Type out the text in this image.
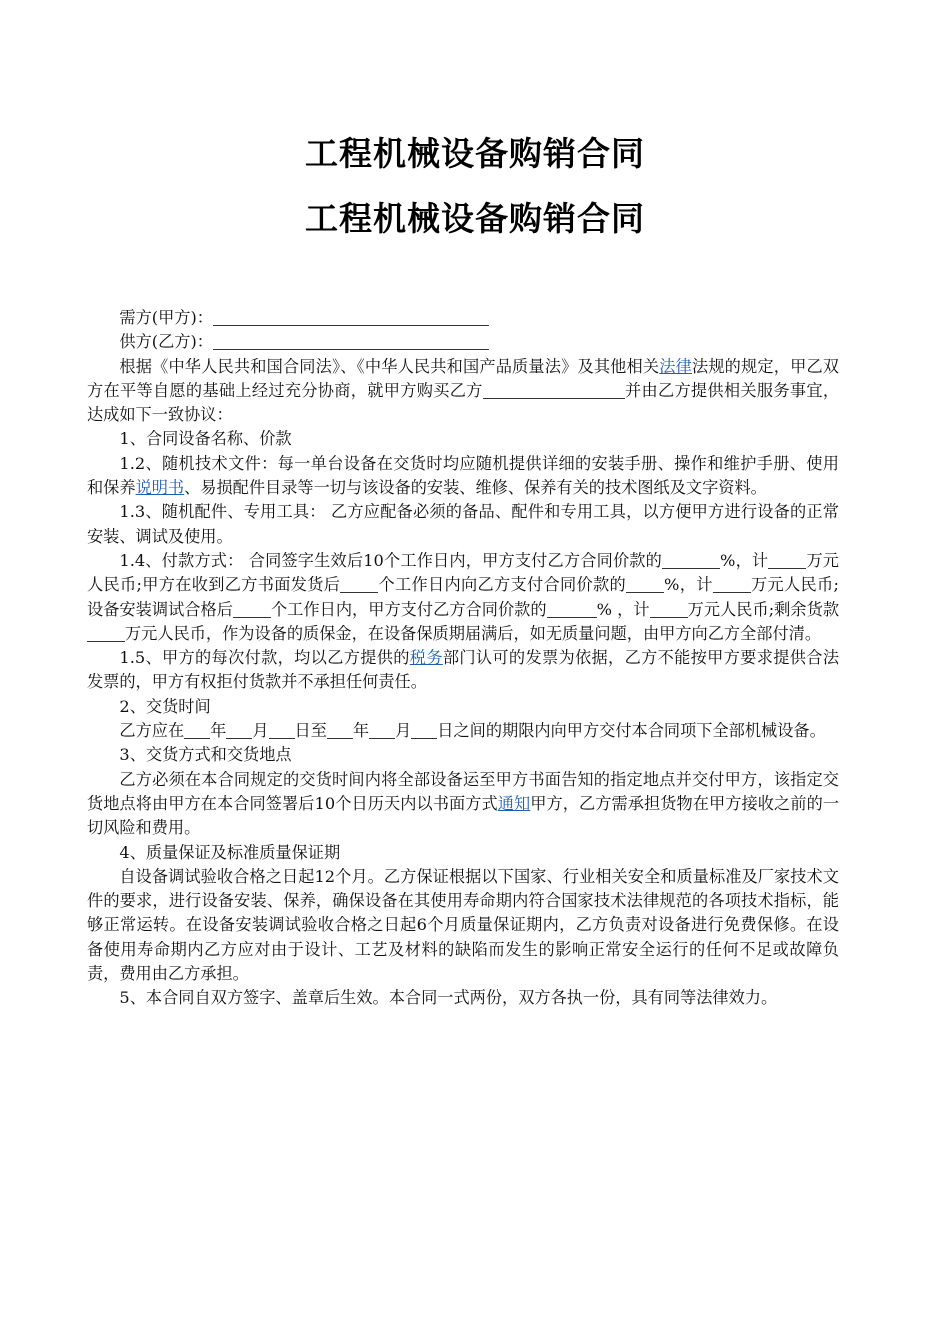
工程机械设备购销合同
工程机械设备购销合同

需方(甲方)：

供方(乙方)：

根据《中华人民共和国合同法》、《中华人民共和国产品质量法》及其他相关法律法规的规定，甲乙双方在平等自愿的基础上经过充分协商，就甲方购买乙方	并由乙方提供相关服务事宜，达成如下一致协议：

1、合同设备名称、价款

1.2、随机技术文件：每一单台设备在交货时均应随机提供详细的安装手册、操作和维护手册、使用和保养说明书、易损配件目录等一切与该设备的安装、维修、保养有关的技术图纸及文字资料。

1.3、随机配件、专用工具： 乙方应配备必须的备品、配件和专用工具，以方便甲方进行设备的正常安装、调试及使用。

1.4、付款方式： 合同签字生效后10个工作日内，甲方支付乙方合同价款的	%，计 万元人民币;甲方在收到乙方书面发货后 个工作日内向乙方支付合同价款的 %，计 万元人民币;设备安装调试合格后 个工作日内，甲方支付乙方合同价款的	% ，计 万元人民币;剩余货款万元人民币，作为设备的质保金，在设备保质期届满后，如无质量问题，由甲方向乙方全部付清。

1.5、甲方的每次付款，均以乙方提供的税务部门认可的发票为依据，乙方不能按甲方要求提供合法发票的，甲方有权拒付货款并不承担任何责任。

2、交货时间

乙方应在 年 月 日至 年 月 日之间的期限内向甲方交付本合同项下全部机械设备。

3、交货方式和交货地点

乙方必须在本合同规定的交货时间内将全部设备运至甲方书面告知的指定地点并交付甲方，该指定交货地点将由甲方在本合同签署后10个日历天内以书面方式通知甲方，乙方需承担货物在甲方接收之前的一切风险和费用。

4、质量保证及标准质量保证期

自设备调试验收合格之日起12个月。乙方保证根据以下国家、行业相关安全和质量标准及厂家技术文件的要求，进行设备安装、保养，确保设备在其使用寿命期内符合国家技术法律规范的各项技术指标，能够正常运转。在设备安装调试验收合格之日起6个月质量保证期内，乙方负责对设备进行免费保修。在设备使用寿命期内乙方应对由于设计、工艺及材料的缺陷而发生的影响正常安全运行的任何不足或故障负责，费用由乙方承担。

5、本合同自双方签字、盖章后生效。本合同一式两份，双方各执一份，具有同等法律效力。
